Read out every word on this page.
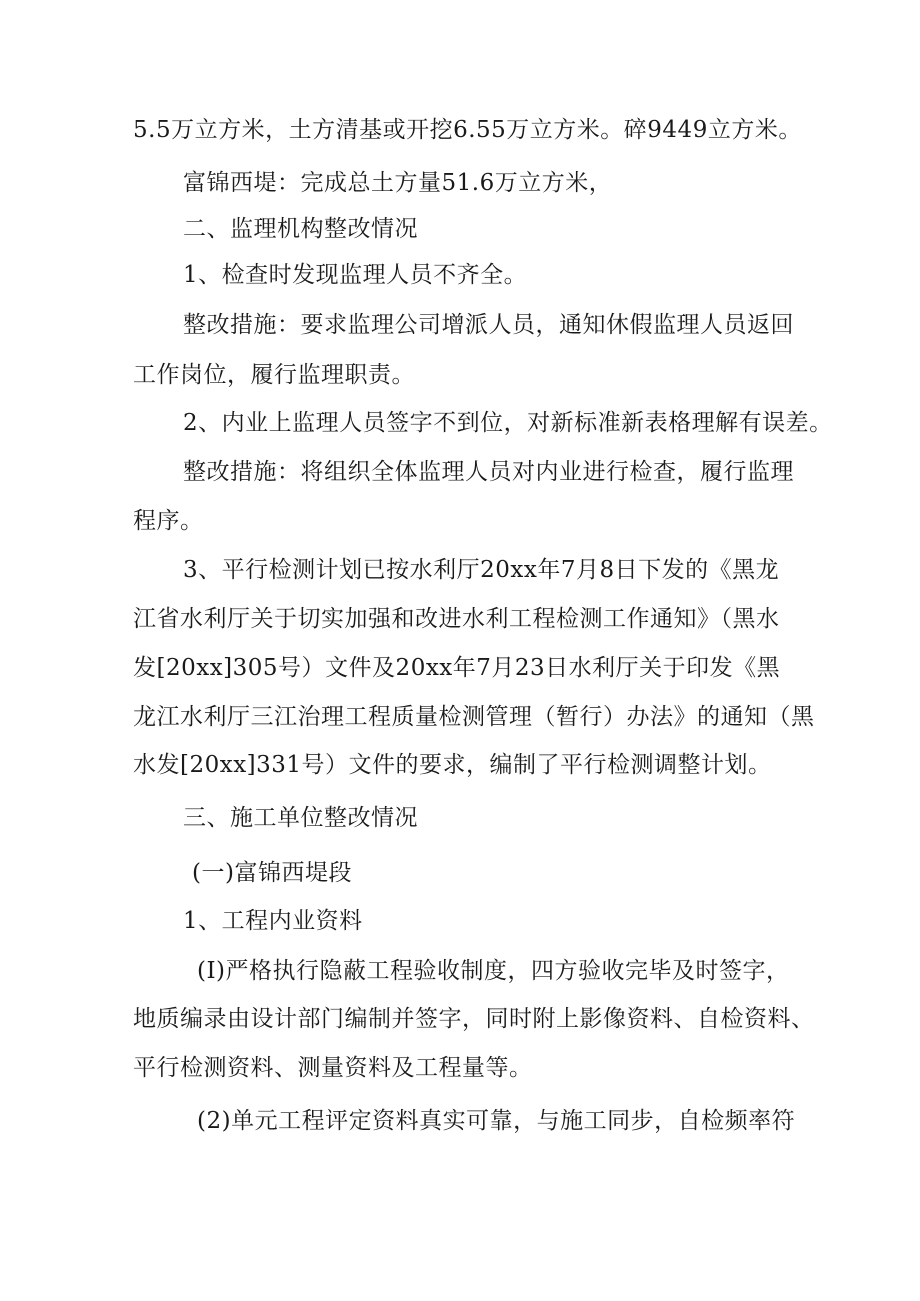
5.5万立方米，土方清基或开挖6.55万立方米。碎9449立方米。
富锦西堤：完成总土方量51.6万立方米，
二、监理机构整改情况
1、检查时发现监理人员不齐全。
整改措施：要求监理公司增派人员，通知休假监理人员返回
工作岗位，履行监理职责。
2、内业上监理人员签字不到位，对新标准新表格理解有误差。
整改措施：将组织全体监理人员对内业进行检查，履行监理
程序。
3、平行检测计划已按水利厅20xx年7月8日下发的《黑龙
江省水利厅关于切实加强和改进水利工程检测工作通知》（黑水
发[20xx]305号）文件及20xx年7月23日水利厅关于印发《黑
龙江水利厅三江治理工程质量检测管理（暂行）办法》的通知（黑
水发[20xx]331号）文件的要求，编制了平行检测调整计划。
三、施工单位整改情况
(一)富锦西堤段
1、工程内业资料
(I)严格执行隐蔽工程验收制度，四方验收完毕及时签字，
地质编录由设计部门编制并签字，同时附上影像资料、自检资料、
平行检测资料、测量资料及工程量等。
(2)单元工程评定资料真实可靠，与施工同步，自检频率符
